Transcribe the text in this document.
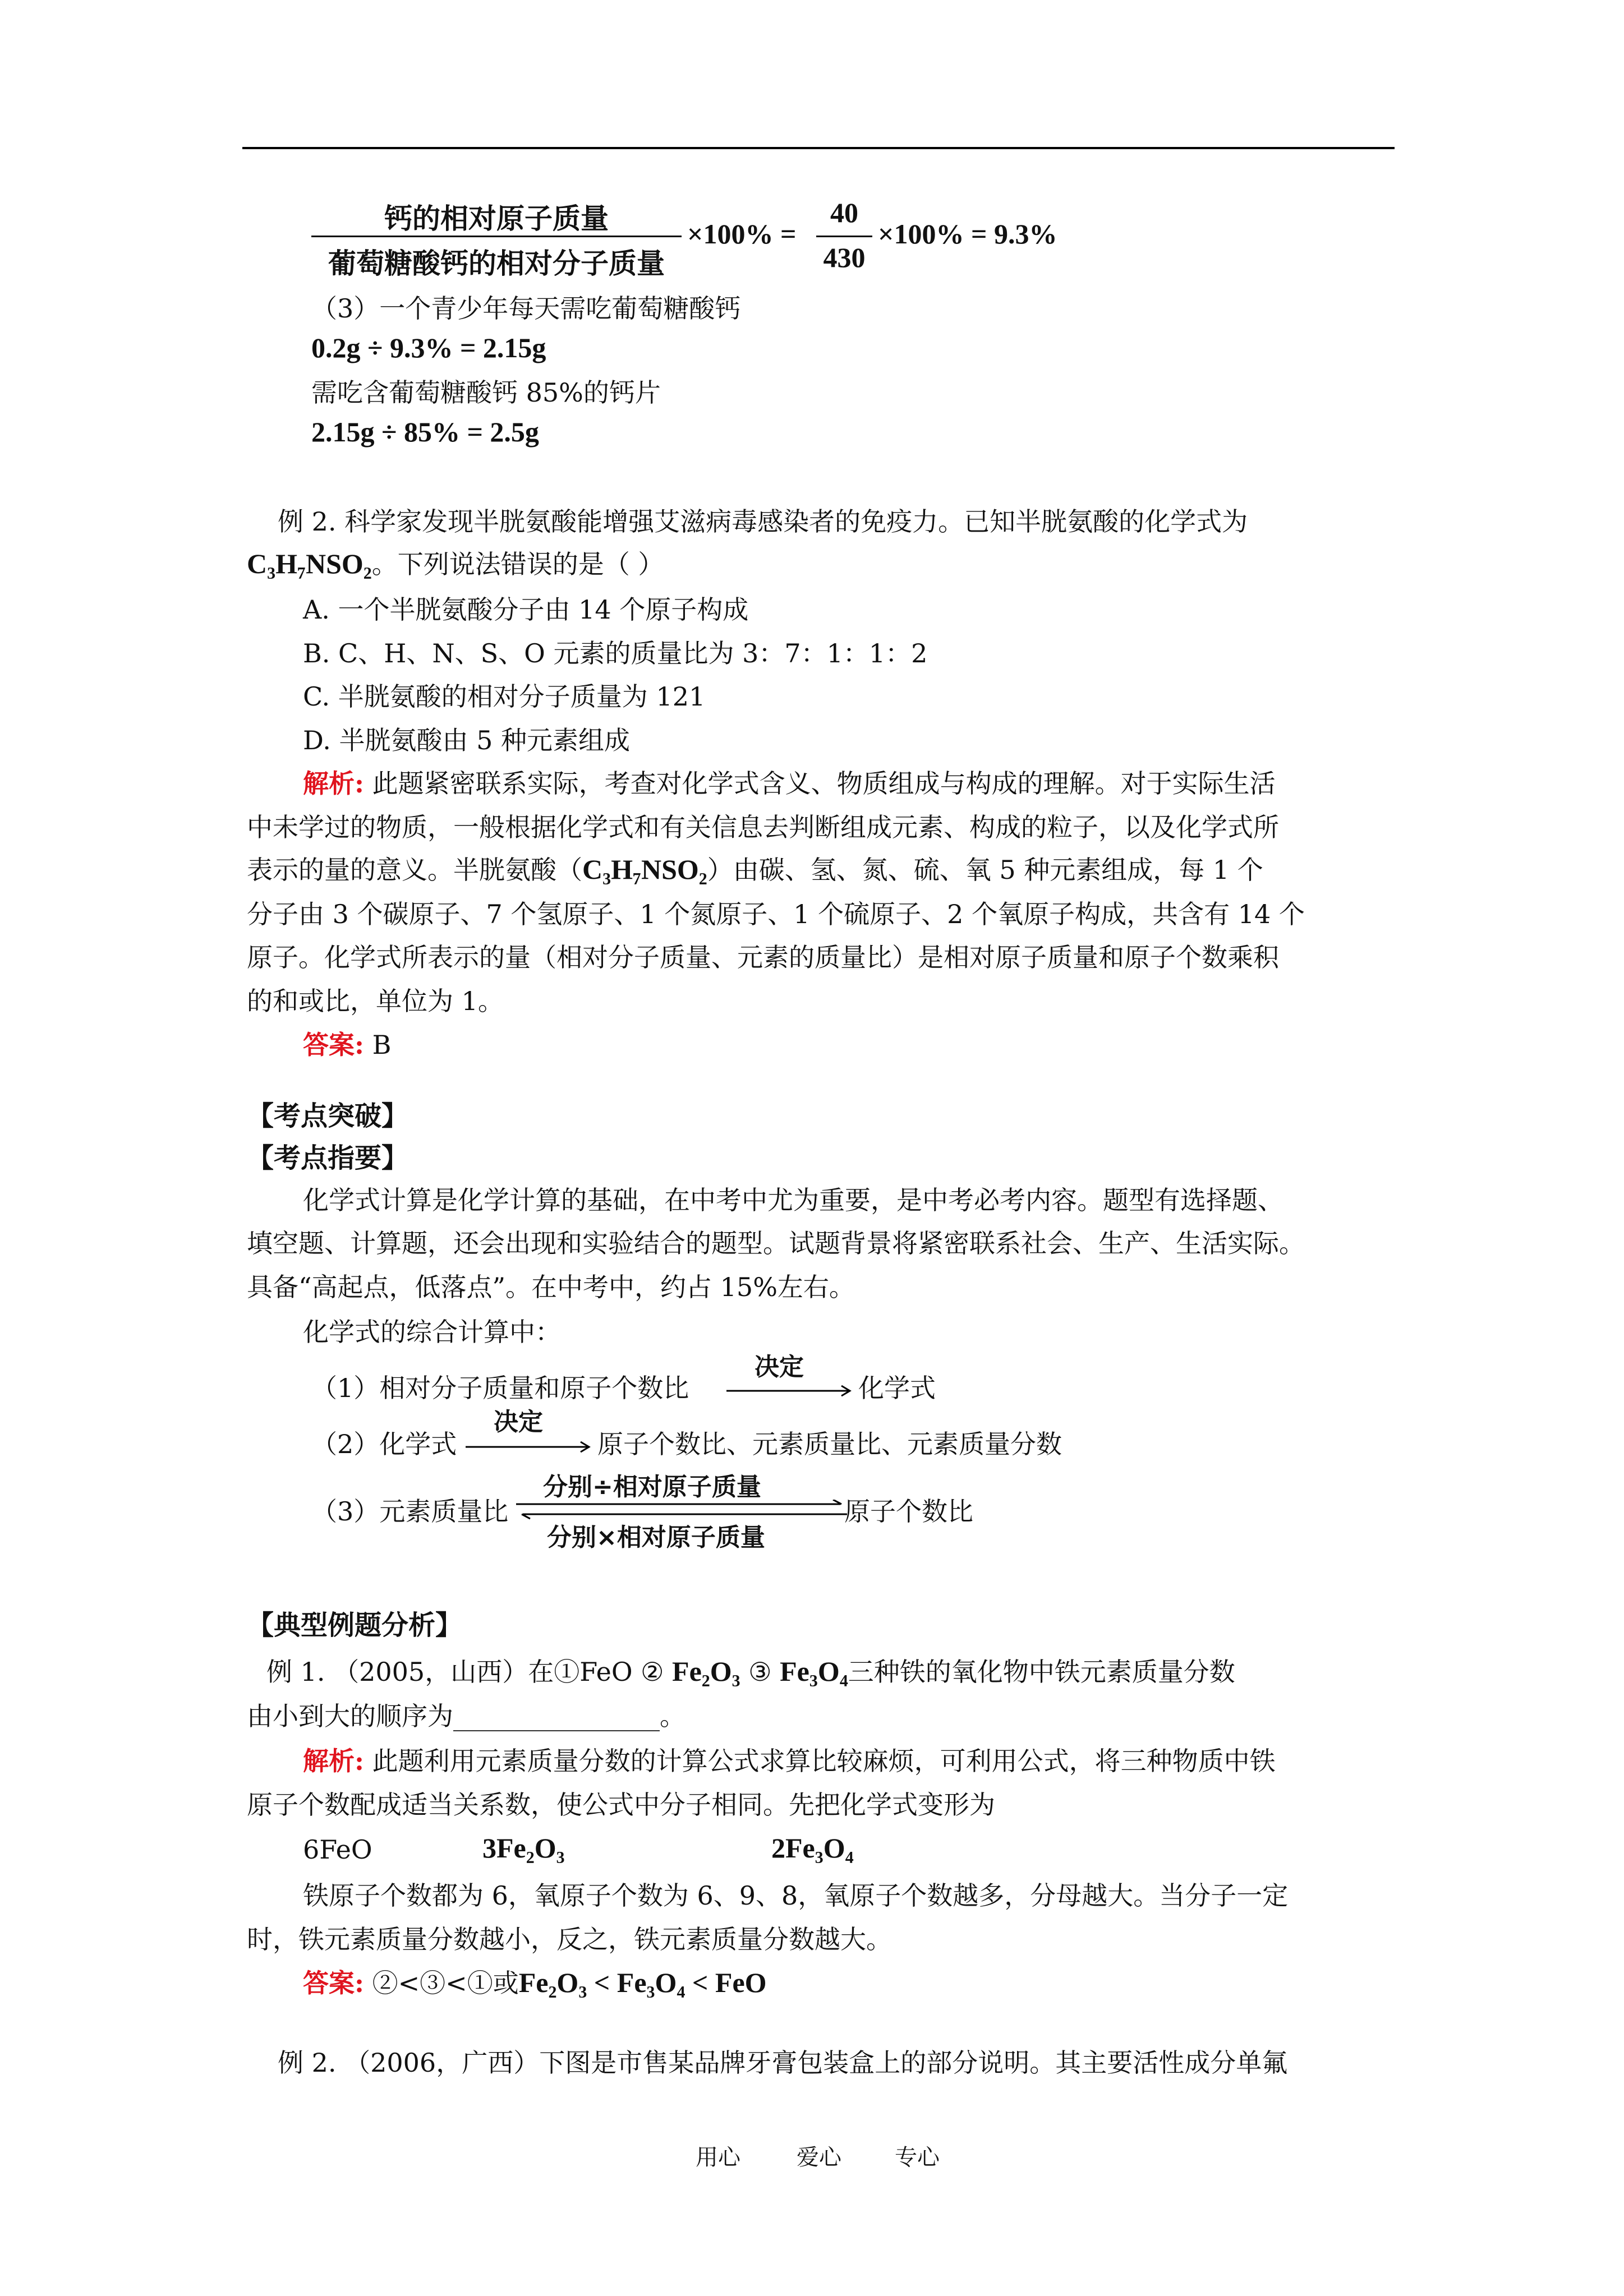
钙的相对原子质量
葡萄糖酸钙的相对分子质量
×100% =
40
430
×100% = 9.3%
（3）一个青少年每天需吃葡萄糖酸钙
0.2g ÷ 9.3% = 2.15g
需吃含葡萄糖酸钙 85%的钙片
2.15g ÷ 85% = 2.5g
例 2. 科学家发现半胱氨酸能增强艾滋病毒感染者的免疫力。已知半胱氨酸的化学式为
C₃H₇NSO₂。下列说法错误的是（ ）
A. 一个半胱氨酸分子由 14 个原子构成
B. C、H、N、S、O 元素的质量比为 3：7：1：1：2
C. 半胱氨酸的相对分子质量为 121
D. 半胱氨酸由 5 种元素组成
解析: 此题紧密联系实际，考查对化学式含义、物质组成与构成的理解。对于实际生活
中未学过的物质，一般根据化学式和有关信息去判断组成元素、构成的粒子，以及化学式所
表示的量的意义。半胱氨酸（C₃H₇NSO₂）由碳、氢、氮、硫、氧 5 种元素组成，每 1 个
分子由 3 个碳原子、7 个氢原子、1 个氮原子、1 个硫原子、2 个氧原子构成，共含有 14 个
原子。化学式所表示的量（相对分子质量、元素的质量比）是相对原子质量和原子个数乘积
的和或比，单位为 1。
答案: B
【考点突破】
【考点指要】
化学式计算是化学计算的基础，在中考中尤为重要，是中考必考内容。题型有选择题、
填空题、计算题，还会出现和实验结合的题型。试题背景将紧密联系社会、生产、生活实际。
具备“高起点，低落点”。在中考中，约占 15%左右。
化学式的综合计算中：
（1）相对分子质量和原子个数比
决定
化学式
（2）化学式
决定
原子个数比、元素质量比、元素质量分数
（3）元素质量比
分别÷相对原子质量
分别×相对原子质量
原子个数比
【典型例题分析】
例 1. （2005，山西）在①FeO ② Fe₂O₃ ③ Fe₃O₄三种铁的氧化物中铁元素质量分数
由小到大的顺序为________________。
解析: 此题利用元素质量分数的计算公式求算比较麻烦，可利用公式，将三种物质中铁
原子个数配成适当关系数，使公式中分子相同。先把化学式变形为
6FeO	3Fe₂O₃	2Fe₃O₄
铁原子个数都为 6，氧原子个数为 6、9、8，氧原子个数越多，分母越大。当分子一定
时，铁元素质量分数越小，反之，铁元素质量分数越大。
答案: ②<③<①或Fe₂O₃ < Fe₃O₄ < FeO
例 2. （2006，广西）下图是市售某品牌牙膏包装盒上的部分说明。其主要活性成分单氟
用心	爱心 专心
